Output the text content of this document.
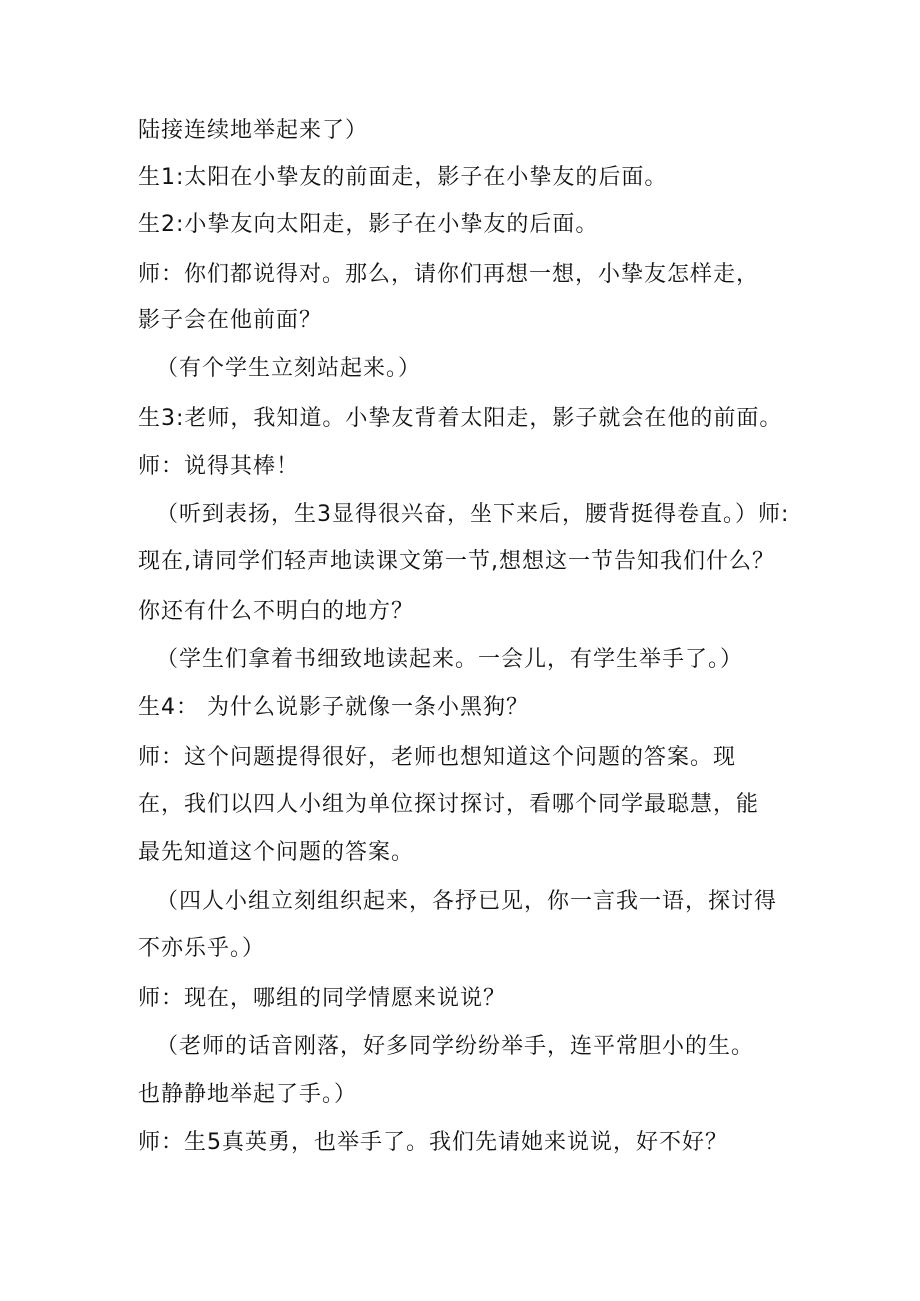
陆接连续地举起来了）
生1:太阳在小挚友的前面走，影子在小挚友的后面。
生2:小挚友向太阳走，影子在小挚友的后面。
师：你们都说得对。那么，请你们再想一想，小挚友怎样走，
影子会在他前面？
（有个学生立刻站起来。）
生3:老师，我知道。小挚友背着太阳走，影子就会在他的前面。
师：说得其棒！
（听到表扬，生3显得很兴奋，坐下来后，腰背挺得卷直。）师:
现在,请同学们轻声地读课文第一节,想想这一节告知我们什么？
你还有什么不明白的地方？
（学生们拿着书细致地读起来。一会儿，有学生举手了。）
生4： 为什么说影子就像一条小黑狗？
师：这个问题提得很好，老师也想知道这个问题的答案。现
在，我们以四人小组为单位探讨探讨，看哪个同学最聪慧，能
最先知道这个问题的答案。
（四人小组立刻组织起来，各抒已见，你一言我一语，探讨得
不亦乐乎。）
师：现在，哪组的同学情愿来说说？
（老师的话音刚落，好多同学纷纷举手，连平常胆小的生。
也静静地举起了手。）
师：生5真英勇，也举手了。我们先请她来说说，好不好？
